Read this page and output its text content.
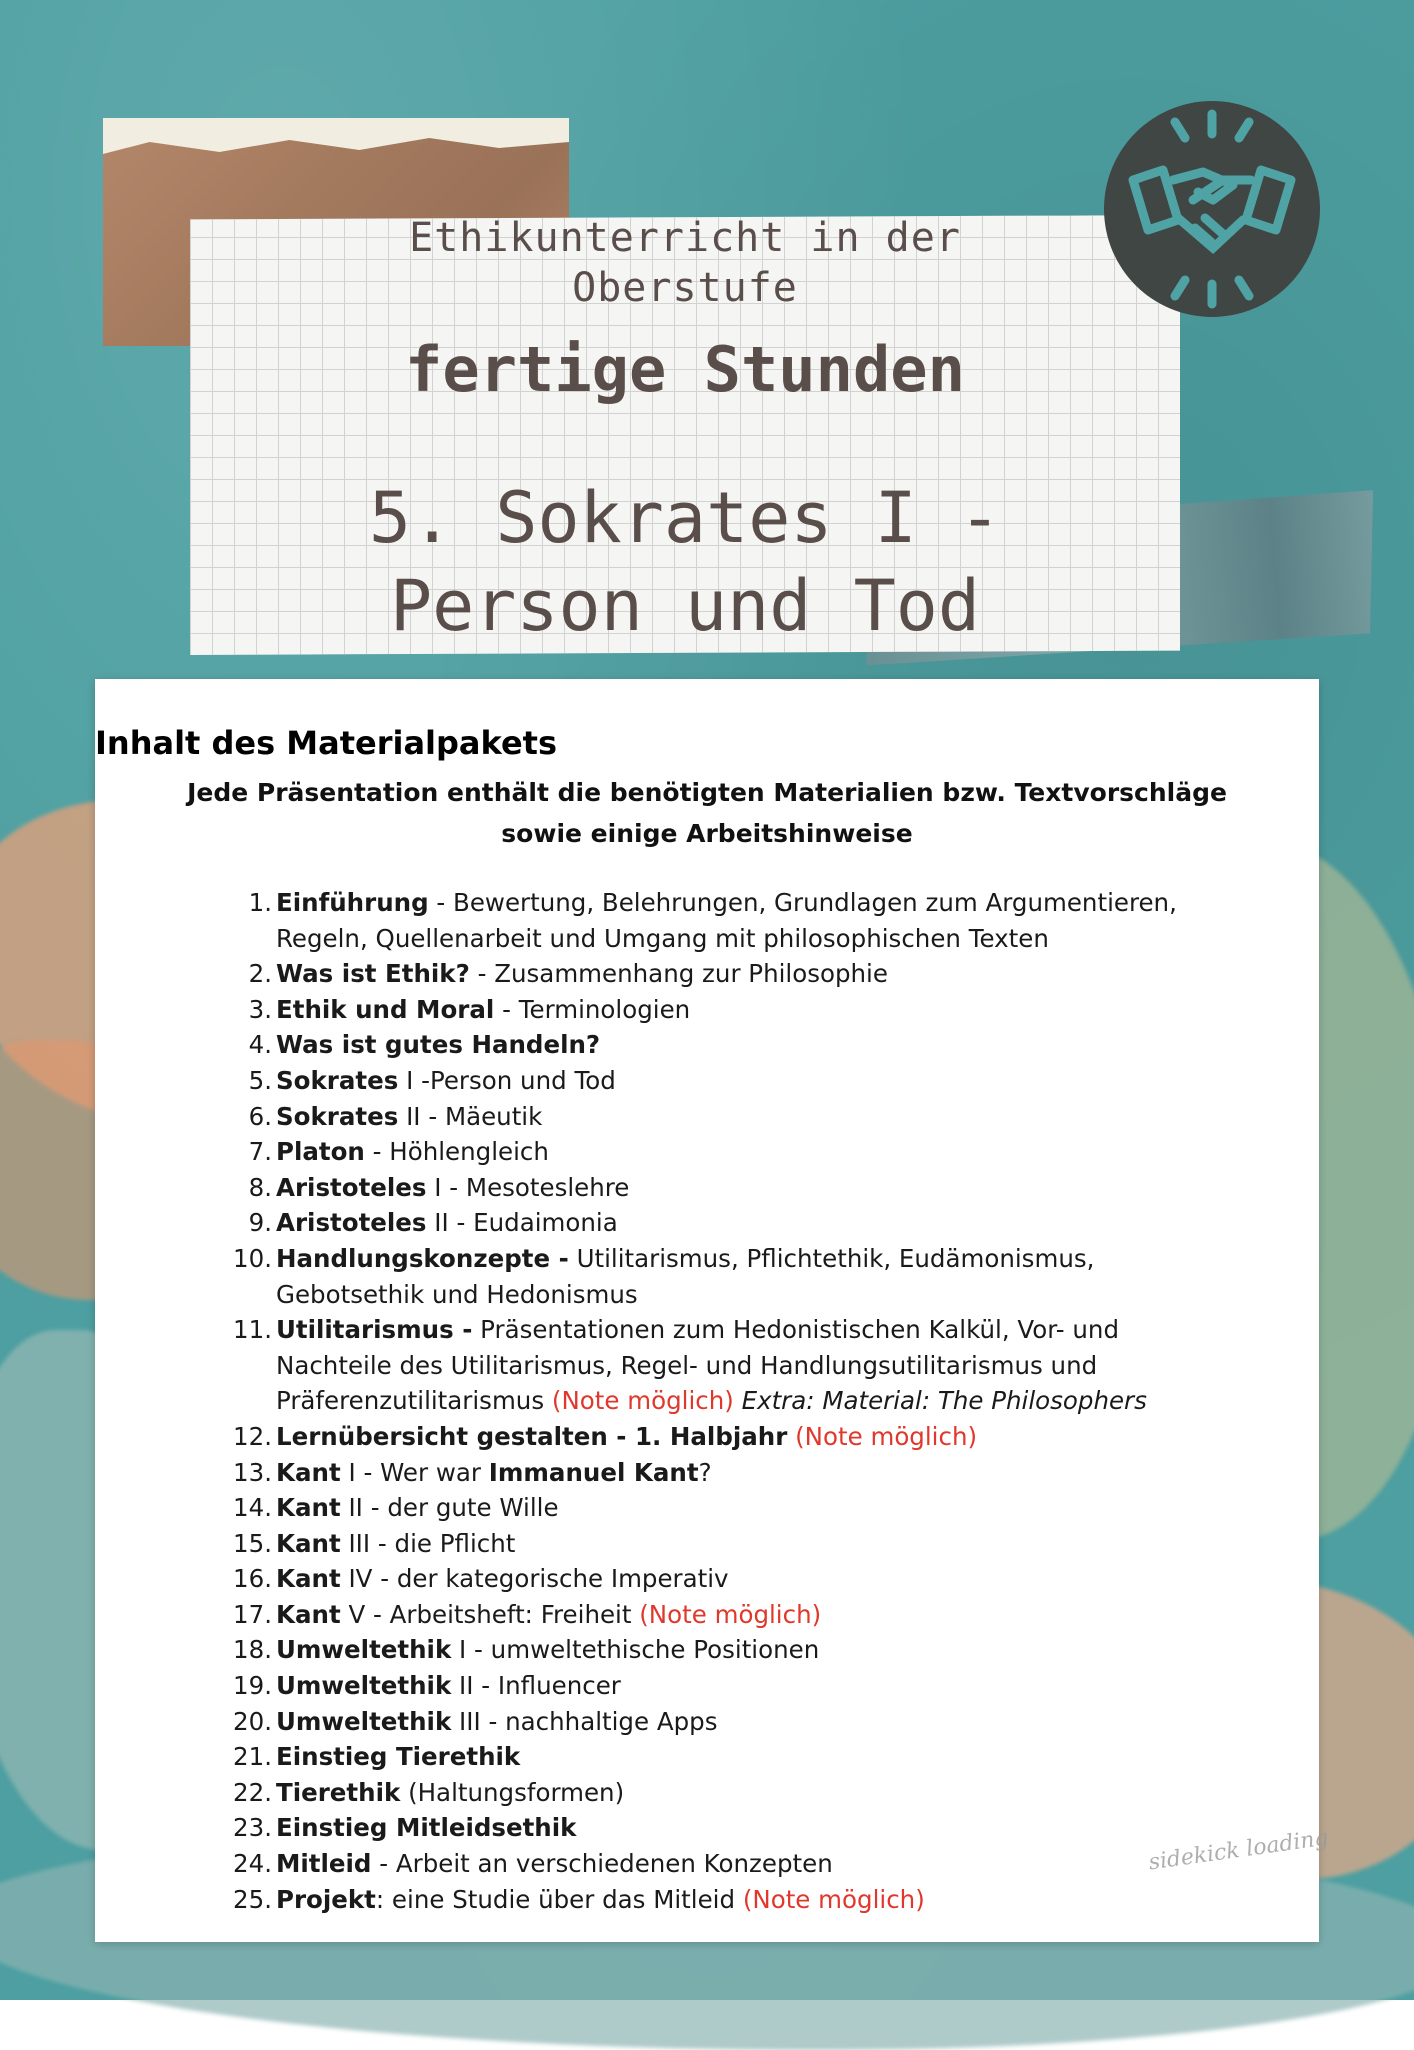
Ethikunterricht in der
Oberstufe
fertige Stunden
5. Sokrates I -
Person und Tod
Inhalt des Materialpakets
Jede Präsentation enthält die benötigten Materialien bzw. Textvorschläge
sowie einige Arbeitshinweise
1. Einführung - Bewertung, Belehrungen, Grundlagen zum Argumentieren,
Regeln, Quellenarbeit und Umgang mit philosophischen Texten
2. Was ist Ethik? - Zusammenhang zur Philosophie
3. Ethik und Moral - Terminologien
4. Was ist gutes Handeln?
5. Sokrates I -Person und Tod
6. Sokrates II - Mäeutik
7. Platon - Höhlengleich
8. Aristoteles I - Mesoteslehre
9. Aristoteles II - Eudaimonia
10. Handlungskonzepte - Utilitarismus, Pflichtethik, Eudämonismus,
Gebotsethik und Hedonismus
11. Utilitarismus - Präsentationen zum Hedonistischen Kalkül, Vor- und
Nachteile des Utilitarismus, Regel- und Handlungsutilitarismus und
Präferenzutilitarismus (Note möglich) Extra: Material: The Philosophers
12. Lernübersicht gestalten - 1. Halbjahr (Note möglich)
13. Kant I - Wer war Immanuel Kant?
14. Kant II - der gute Wille
15. Kant III - die Pflicht
16. Kant IV - der kategorische Imperativ
17. Kant V - Arbeitsheft: Freiheit (Note möglich)
18. Umweltethik I - umweltethische Positionen
19. Umweltethik II - Influencer
20. Umweltethik III - nachhaltige Apps
21. Einstieg Tierethik
22. Tierethik (Haltungsformen)
23. Einstieg Mitleidsethik
24. Mitleid - Arbeit an verschiedenen Konzepten
25. Projekt: eine Studie über das Mitleid (Note möglich)
sidekick loading
